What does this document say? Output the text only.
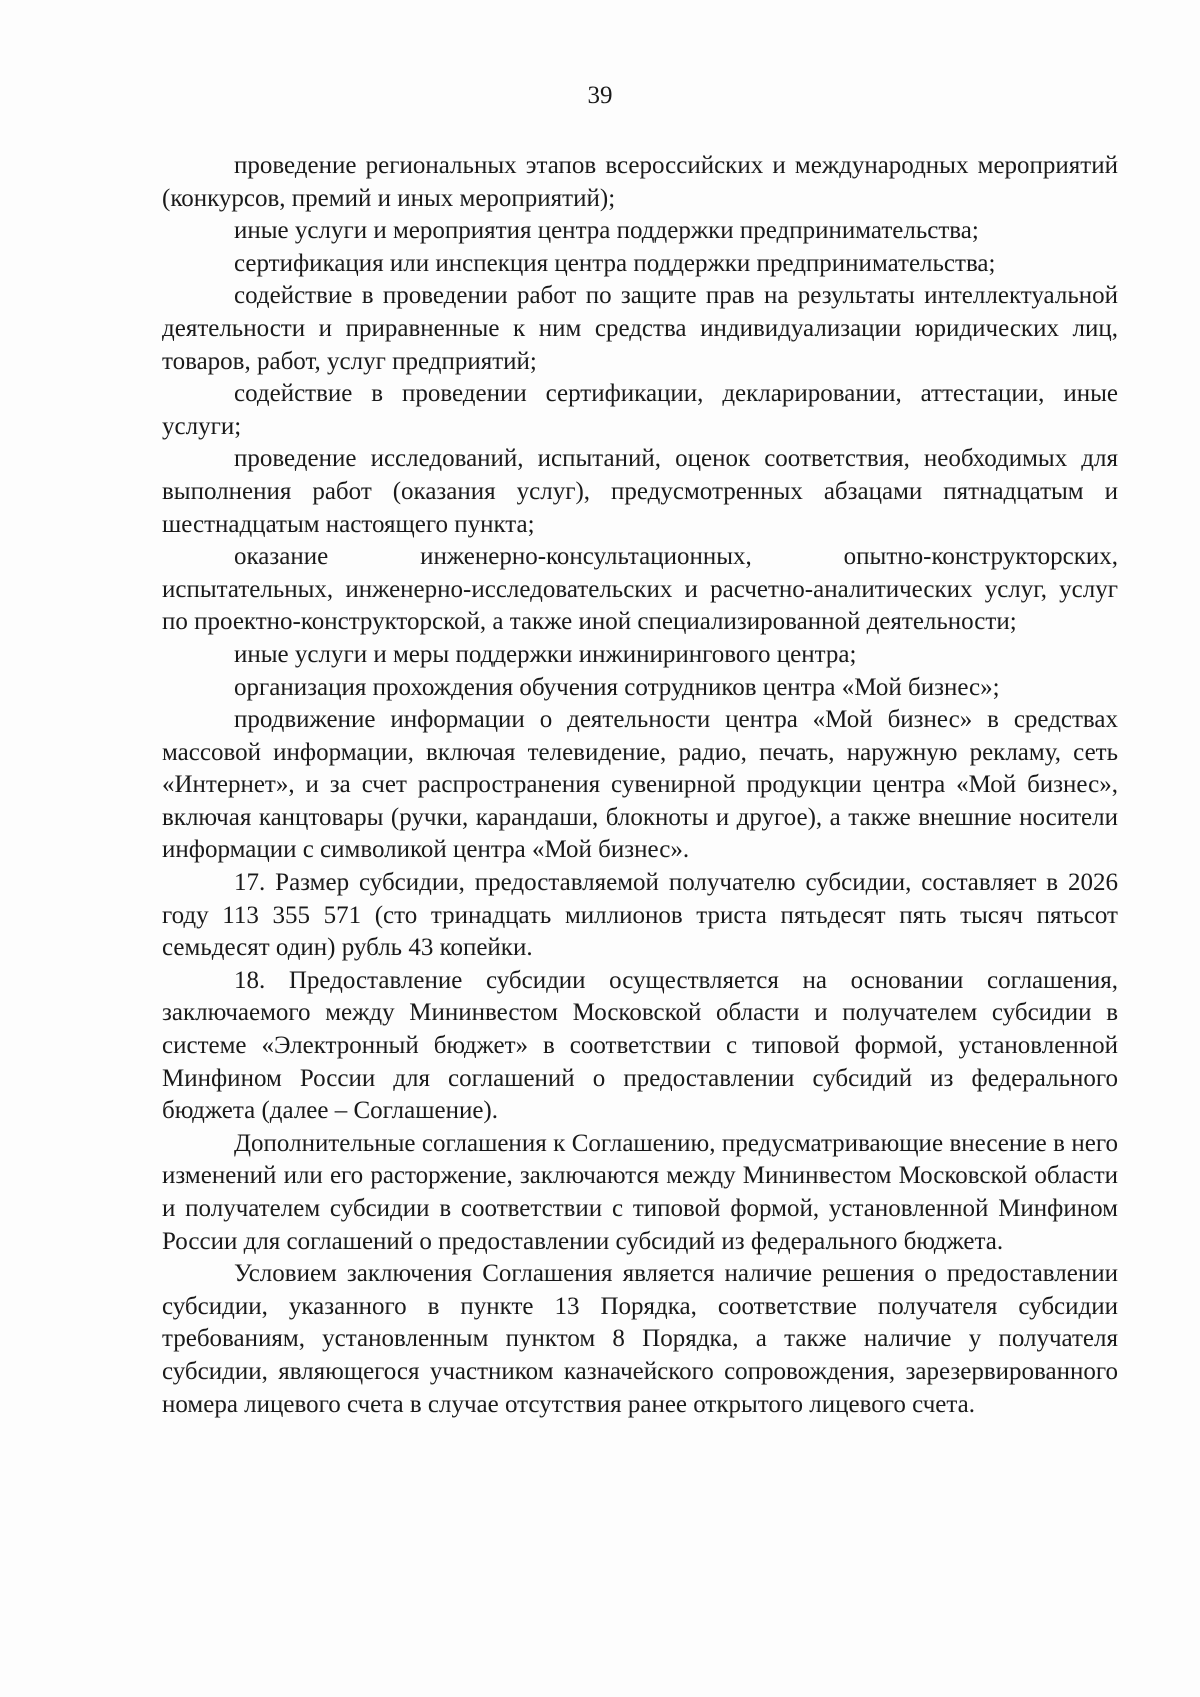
39

проведение региональных этапов всероссийских и международных мероприятий (конкурсов, премий и иных мероприятий);

иные услуги и мероприятия центра поддержки предпринимательства;

сертификация или инспекция центра поддержки предпринимательства;

содействие в проведении работ по защите прав на результаты интеллектуальной деятельности и приравненные к ним средства индивидуализации юридических лиц, товаров, работ, услуг предприятий;

содействие в проведении сертификации, декларировании, аттестации, иные услуги;

проведение исследований, испытаний, оценок соответствия, необходимых для выполнения работ (оказания услуг), предусмотренных абзацами пятнадцатым и шестнадцатым настоящего пункта;

оказание инженерно-консультационных, опытно-конструкторских, испытательных, инженерно-исследовательских и расчетно-аналитических услуг, услуг по проектно-конструкторской, а также иной специализированной деятельности;

иные услуги и меры поддержки инжинирингового центра;

организация прохождения обучения сотрудников центра «Мой бизнес»;

продвижение информации о деятельности центра «Мой бизнес» в средствах массовой информации, включая телевидение, радио, печать, наружную рекламу, сеть «Интернет», и за счет распространения сувенирной продукции центра «Мой бизнес», включая канцтовары (ручки, карандаши, блокноты и другое), а также внешние носители информации с символикой центра «Мой бизнес».

17. Размер субсидии, предоставляемой получателю субсидии, составляет в 2026 году 113 355 571 (сто тринадцать миллионов триста пятьдесят пять тысяч пятьсот семьдесят один) рубль 43 копейки.

18. Предоставление субсидии осуществляется на основании соглашения, заключаемого между Мининвестом Московской области и получателем субсидии в системе «Электронный бюджет» в соответствии с типовой формой, установленной Минфином России для соглашений о предоставлении субсидий из федерального бюджета (далее – Соглашение).

Дополнительные соглашения к Соглашению, предусматривающие внесение в него изменений или его расторжение, заключаются между Мининвестом Московской области и получателем субсидии в соответствии с типовой формой, установленной Минфином России для соглашений о предоставлении субсидий из федерального бюджета.

Условием заключения Соглашения является наличие решения о предоставлении субсидии, указанного в пункте 13 Порядка, соответствие получателя субсидии требованиям, установленным пунктом 8 Порядка, а также наличие у получателя субсидии, являющегося участником казначейского сопровождения, зарезервированного номера лицевого счета в случае отсутствия ранее открытого лицевого счета.
